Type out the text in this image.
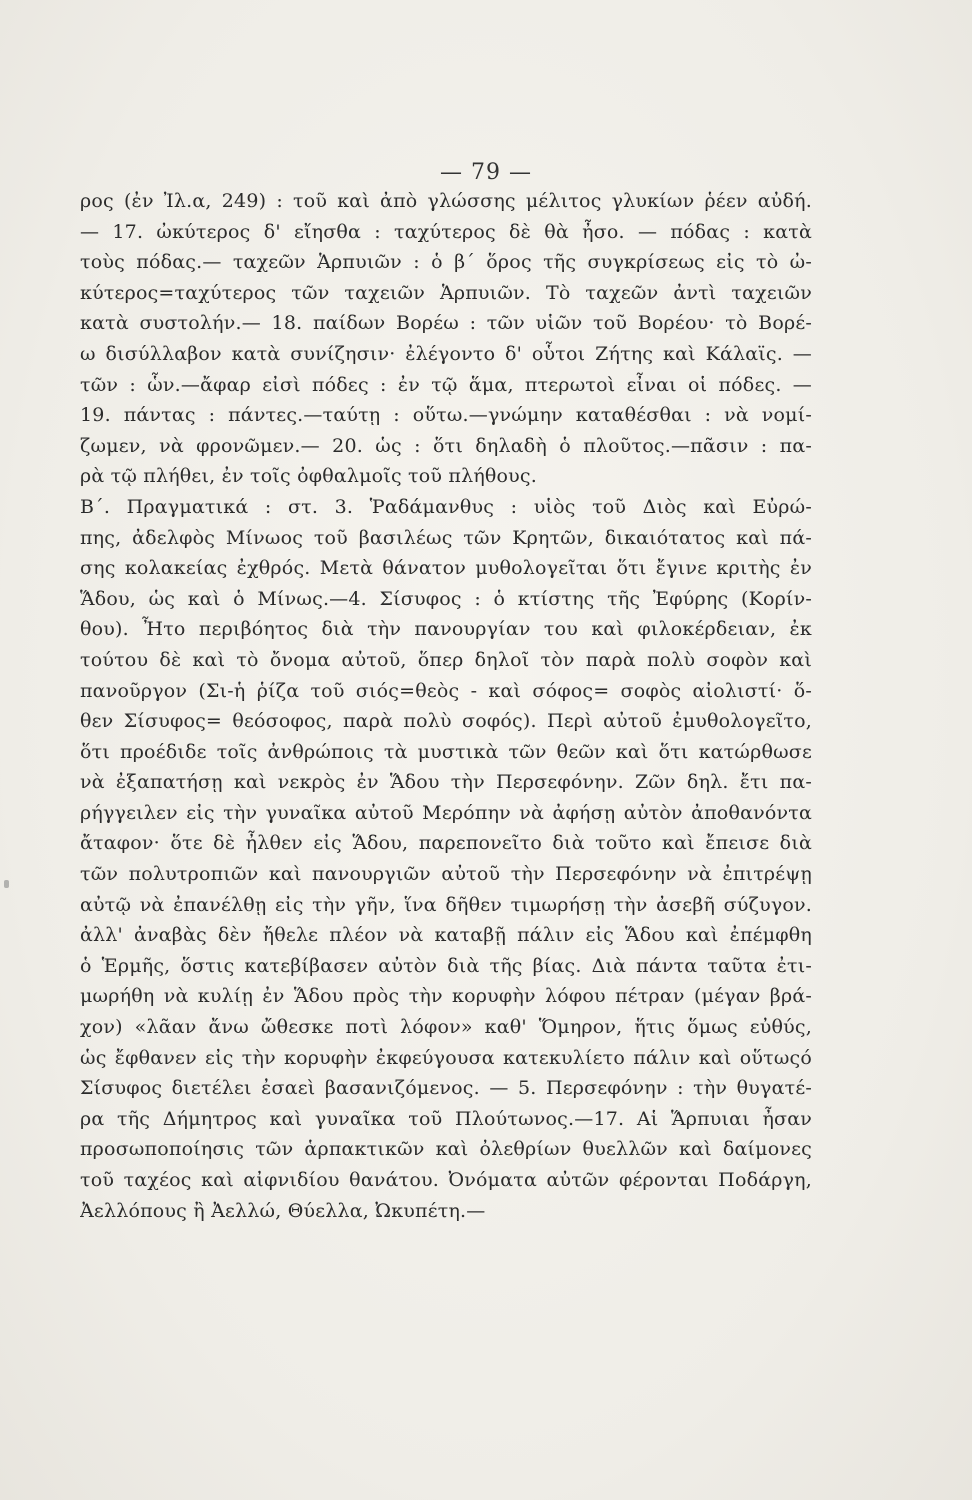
— 79 —
ρος (ἐν Ἰλ.α, 249) : τοῦ καὶ ἀπὸ γλώσσης μέλιτος γλυκίων ῥέεν αὐδή.
— 17. ὠκύτερος δ' εἴησθα : ταχύτερος δὲ θὰ ἦσο. — πόδας : κατὰ
τοὺς πόδας.— ταχεῶν Ἁρπυιῶν : ὁ β΄ ὅρος τῆς συγκρίσεως εἰς τὸ ὠ-
κύτερος=ταχύτερος τῶν ταχειῶν Ἁρπυιῶν. Τὸ ταχεῶν ἀντὶ ταχειῶν
κατὰ συστολήν.— 18. παίδων Βορέω : τῶν υἱῶν τοῦ Βορέου· τὸ Βορέ-
ω δισύλλαβον κατὰ συνίζησιν· ἐλέγοντο δ' οὗτοι Ζήτης καὶ Κάλαϊς. —
τῶν : ὧν.—ἄφαρ εἰσὶ πόδες : ἐν τῷ ἅμα, πτερωτοὶ εἶναι οἱ πόδες. —
19. πάντας : πάντες.—ταύτῃ : οὕτω.—γνώμην καταθέσθαι : νὰ νομί-
ζωμεν, νὰ φρονῶμεν.— 20. ὡς : ὅτι δηλαδὴ ὁ πλοῦτος.—πᾶσιν : πα-
ρὰ τῷ πλήθει, ἐν τοῖς ὀφθαλμοῖς τοῦ πλήθους.
Β΄. Πραγματικά : στ. 3. Ῥαδάμανθυς : υἱὸς τοῦ Διὸς καὶ Εὐρώ-
πης, ἀδελφὸς Μίνωος τοῦ βασιλέως τῶν Κρητῶν, δικαιότατος καὶ πά-
σης κολακείας ἐχθρός. Μετὰ θάνατον μυθολογεῖται ὅτι ἔγινε κριτὴς ἐν
Ἅδου, ὡς καὶ ὁ Μίνως.—4. Σίσυφος : ὁ κτίστης τῆς Ἐφύρης (Κορίν-
θου). Ἦτο περιβόητος διὰ τὴν πανουργίαν του καὶ φιλοκέρδειαν, ἐκ
τούτου δὲ καὶ τὸ ὄνομα αὐτοῦ, ὅπερ δηλοῖ τὸν παρὰ πολὺ σοφὸν καὶ
πανοῦργον (Σι-ἡ ῥίζα τοῦ σιός=θεὸς - καὶ σόφος= σοφὸς αἰολιστί· ὅ-
θεν Σίσυφος= θεόσοφος, παρὰ πολὺ σοφός). Περὶ αὐτοῦ ἐμυθολογεῖτο,
ὅτι προέδιδε τοῖς ἀνθρώποις τὰ μυστικὰ τῶν θεῶν καὶ ὅτι κατώρθωσε
νὰ ἐξαπατήσῃ καὶ νεκρὸς ἐν Ἅδου τὴν Περσεφόνην. Ζῶν δηλ. ἔτι πα-
ρήγγειλεν εἰς τὴν γυναῖκα αὐτοῦ Μερόπην νὰ ἀφήσῃ αὐτὸν ἀποθανόντα
ἄταφον· ὅτε δὲ ἦλθεν εἰς Ἅδου, παρεπονεῖτο διὰ τοῦτο καὶ ἔπεισε διὰ
τῶν πολυτροπιῶν καὶ πανουργιῶν αὐτοῦ τὴν Περσεφόνην νὰ ἐπιτρέψῃ
αὐτῷ νὰ ἐπανέλθῃ εἰς τὴν γῆν, ἵνα δῆθεν τιμωρήσῃ τὴν ἀσεβῆ σύζυγον.
ἀλλ' ἀναβὰς δὲν ἤθελε πλέον νὰ καταβῇ πάλιν εἰς Ἅδου καὶ ἐπέμφθη
ὁ Ἑρμῆς, ὅστις κατεβίβασεν αὐτὸν διὰ τῆς βίας. Διὰ πάντα ταῦτα ἐτι-
μωρήθη νὰ κυλίῃ ἐν Ἅδου πρὸς τὴν κορυφὴν λόφου πέτραν (μέγαν βρά-
χον) «λᾶαν ἄνω ὤθεσκε ποτὶ λόφον» καθ' Ὅμηρον, ἥτις ὅμως εὐθύς,
ὡς ἔφθανεν εἰς τὴν κορυφὴν ἐκφεύγουσα κατεκυλίετο πάλιν καὶ οὕτωςό
Σίσυφος διετέλει ἐσαεὶ βασανιζόμενος. — 5. Περσεφόνην : τὴν θυγατέ-
ρα τῆς Δήμητρος καὶ γυναῖκα τοῦ Πλούτωνος.—17. Αἱ Ἅρπυιαι ἦσαν
προσωποποίησις τῶν ἁρπακτικῶν καὶ ὀλεθρίων θυελλῶν καὶ δαίμονες
τοῦ ταχέος καὶ αἰφνιδίου θανάτου. Ὀνόματα αὐτῶν φέρονται Ποδάργη,
Ἀελλόπους ἢ Ἀελλώ, Θύελλα, Ὠκυπέτη.—
